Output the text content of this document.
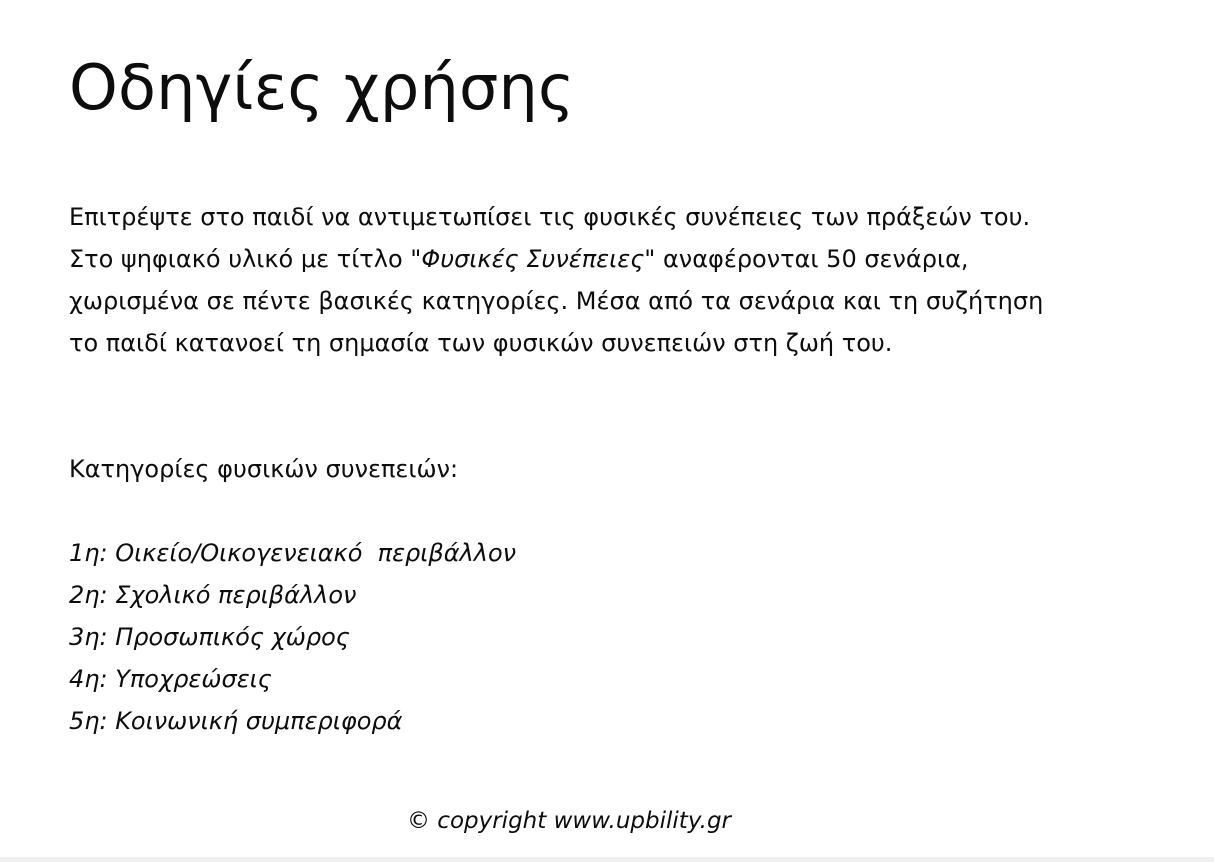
Οδηγίες χρήσης

Επιτρέψτε στο παιδί να αντιμετωπίσει τις φυσικές συνέπειες των πράξεών του. Στο ψηφιακό υλικό με τίτλο "Φυσικές Συνέπειες" αναφέρονται 50 σενάρια, χωρισμένα σε πέντε βασικές κατηγορίες. Μέσα από τα σενάρια και τη συζήτηση το παιδί κατανοεί τη σημασία των φυσικών συνεπειών στη ζωή του.

Κατηγορίες φυσικών συνεπειών:

1η: Οικείο/Οικογενειακό  περιβάλλον
2η: Σχολικό περιβάλλον
3η: Προσωπικός χώρος
4η: Υποχρεώσεις
5η: Κοινωνική συμπεριφορά

© copyright www.upbility.gr
